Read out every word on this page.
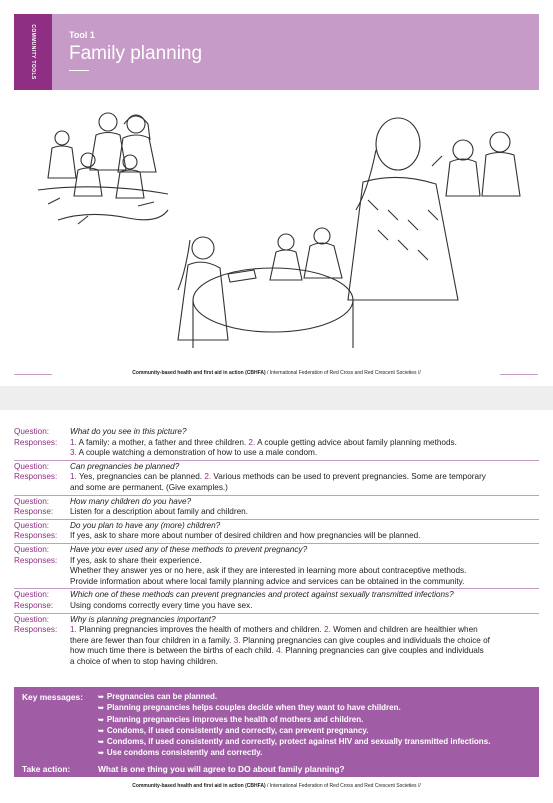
COMMUNITY TOOLS	Tool 1
Family planning
Community-based health and first aid in action (CBHFA) / International Federation of Red Cross and Red Crescent Societies //
Question:	What do you see in this picture?
Responses:	1. A family: a mother, a father and three children. 2. A couple getting advice about family planning methods.
3. A couple watching a demonstration of how to use a male condom.
Question:	Can pregnancies be planned?
Responses:	1. Yes, pregnancies can be planned. 2. Various methods can be used to prevent pregnancies. Some are temporary
and some are permanent. (Give examples.)
Question:	How many children do you have?
Response:	Listen for a description about family and children.
Question:	Do you plan to have any (more) children?
Responses:	If yes, ask to share more about number of desired children and how pregnancies will be planned.
Question:	Have you ever used any of these methods to prevent pregnancy?
Responses:	If yes, ask to share their experience.
Whether they answer yes or no here, ask if they are interested in learning more about contraceptive methods.
Provide information about where local family planning advice and services can be obtained in the community.
Question:	Which one of these methods can prevent pregnancies and protect against sexually transmitted infections?
Response:	Using condoms correctly every time you have sex.
Question:	Why is planning pregnancies important?
Responses:	1. Planning pregnancies improves the health of mothers and children. 2. Women and children are healthier when
there are fewer than four children in a family. 3. Planning pregnancies can give couples and individuals the choice of
how much time there is between the births of each child. 4. Planning pregnancies can give couples and individuals
a choice of when to stop having children.
Key messages:
➥	Pregnancies can be planned.
➥ Planning pregnancies helps couples decide when they want to have children.
➥ Planning pregnancies improves the health of mothers and children.
➥ Condoms, if used consistently and correctly, can prevent pregnancy.
➥ Condoms, if used consistently and correctly, protect against HIV and sexually transmitted infections.
➥ Use condoms consistently and correctly.
Take action:	What is one thing you will agree to DO about family planning?
Community-based health and first aid in action (CBHFA) / International Federation of Red Cross and Red Crescent Societies //
